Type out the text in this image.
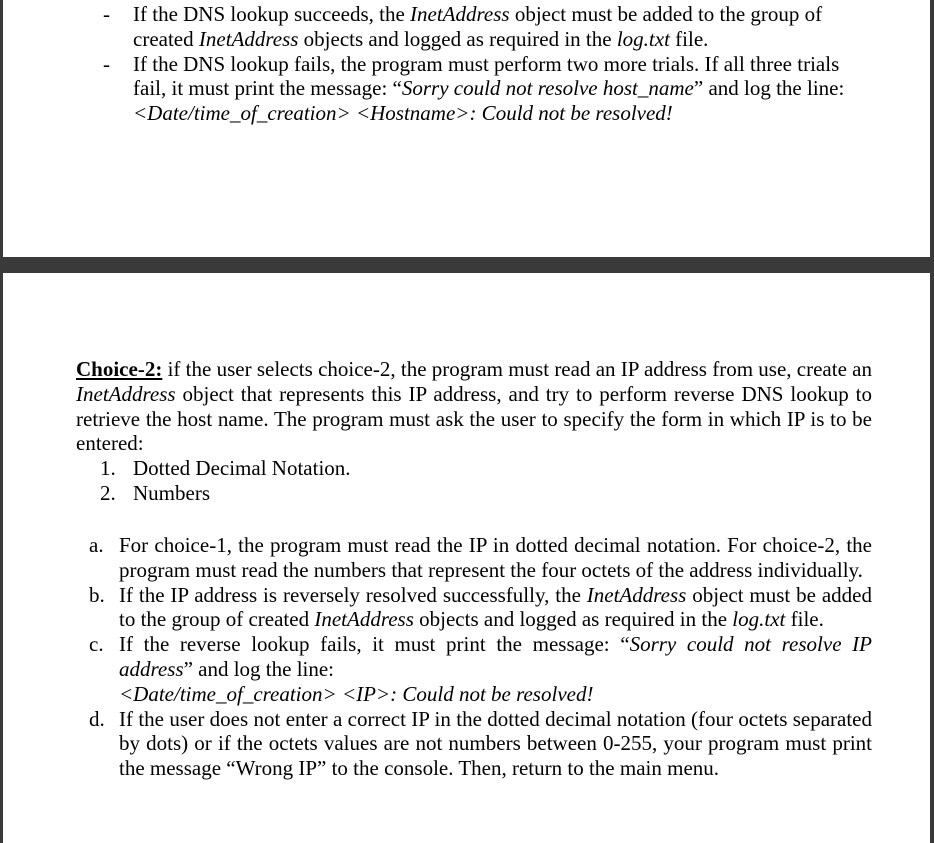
- If the DNS lookup succeeds, the InetAddress object must be added to the group of created InetAddress objects and logged as required in the log.txt file.
- If the DNS lookup fails, the program must perform two more trials. If all three trials fail, it must print the message: “Sorry could not resolve host_name” and log the line: <Date/time_of_creation> <Hostname>: Could not be resolved!
Choice-2: if the user selects choice-2, the program must read an IP address from use, create an InetAddress object that represents this IP address, and try to perform reverse DNS lookup to retrieve the host name. The program must ask the user to specify the form in which IP is to be entered:
1. Dotted Decimal Notation.
2. Numbers
a. For choice-1, the program must read the IP in dotted decimal notation. For choice-2, the program must read the numbers that represent the four octets of the address individually.
b. If the IP address is reversely resolved successfully, the InetAddress object must be added to the group of created InetAddress objects and logged as required in the log.txt file.
c. If the reverse lookup fails, it must print the message: “Sorry could not resolve IP address” and log the line:
<Date/time_of_creation> <IP>: Could not be resolved!
d. If the user does not enter a correct IP in the dotted decimal notation (four octets separated by dots) or if the octets values are not numbers between 0-255, your program must print the message “Wrong IP” to the console. Then, return to the main menu.
